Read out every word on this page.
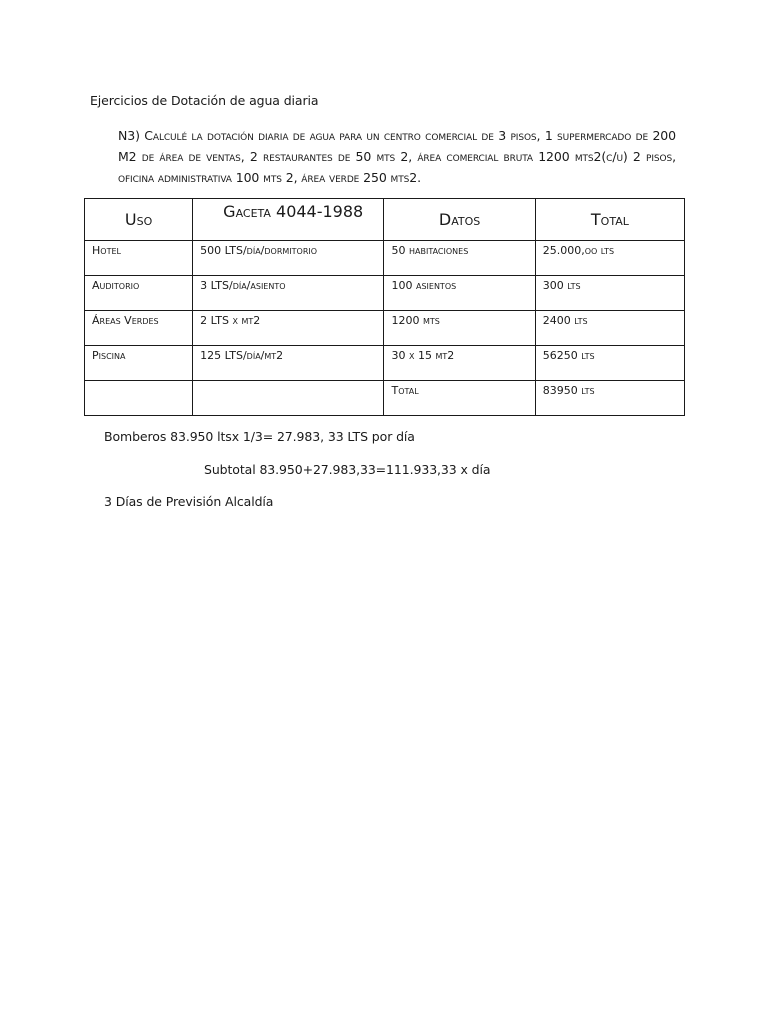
Ejercicios de Dotación de agua diaria
N3) Calculé la dotación diaria de agua para un centro comercial de 3 pisos, 1 supermercado de 200 M2 de área de ventas, 2 restaurantes de 50 mts 2, área comercial bruta 1200 mts2(c/u) 2 pisos, oficina administrativa 100 mts 2, área verde 250 mts2.
Uso	Gaceta 4044-1988	Datos	Total
Hotel	500 LTS/día/dormitorio	50 habitaciones	25.000,oo lts
Auditorio	3 LTS/día/asiento	100 asientos	300 lts
Áreas Verdes	2 LTS x mt2	1200 mts	2400 lts
Piscina	125 LTS/día/mt2	30 x 15 mt2	56250 lts
		Total	83950 lts
Bomberos 83.950 ltsx 1/3= 27.983, 33 LTS por día
Subtotal 83.950+27.983,33=111.933,33 x día
3 Días de Previsión Alcaldía
